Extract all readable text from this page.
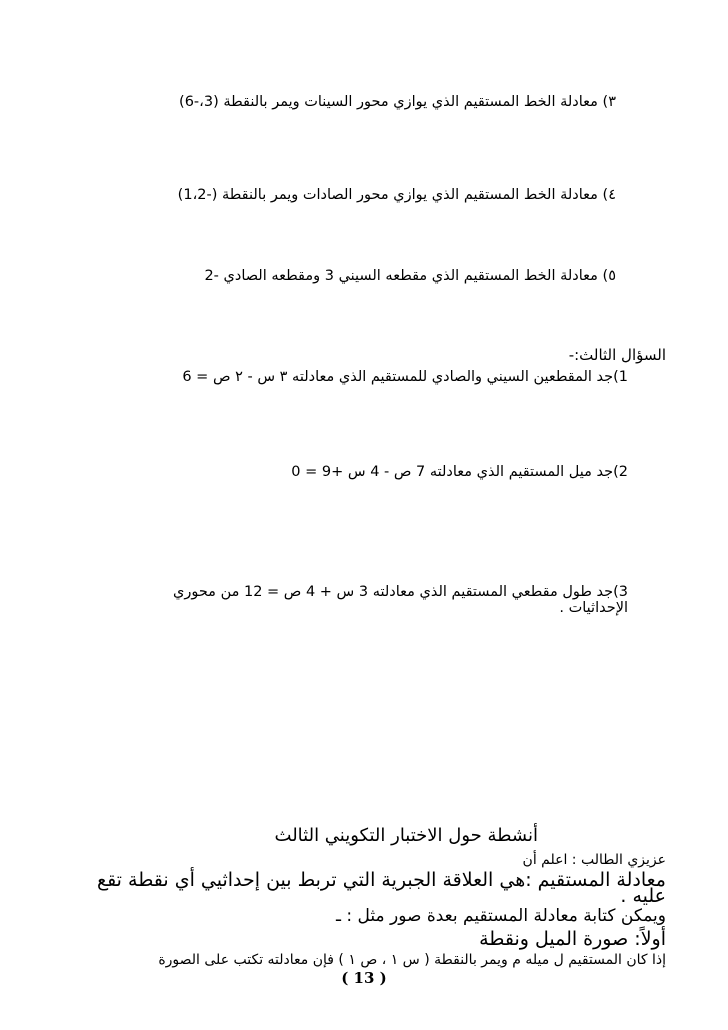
٣) معادلة الخط المستقيم الذي يوازي محور السينات ويمر بالنقطة (3،-6)
٤) معادلة الخط المستقيم الذي يوازي محور الصادات ويمر بالنقطة (-1،2)
٥) معادلة الخط المستقيم الذي مقطعه السيني 3 ومقطعه الصادي -2
السؤال الثالث:-
1)جد المقطعين السيني والصادي للمستقيم الذي معادلته ٣ س - ٢ ص = 6
2)جد ميل المستقيم الذي معادلته 7 ص - 4 س +9 = 0
3)جد طول مقطعي المستقيم الذي معادلته 3 س + 4 ص = 12 من محوري الإحداثيات .
أنشطة حول الاختبار التكويني الثالث
عزيزي الطالب : اعلم أن
معادلة المستقيم :هي العلاقة الجبرية التي تربط بين إحداثيي أي نقطة تقع عليه .
ويمكن كتابة معادلة المستقيم بعدة صور مثل : ـ
أولاً: صورة الميل ونقطة
إذا كان المستقيم ل ميله م ويمر بالنقطة ( س ١ ، ص ١ ) فإن معادلته تكتب على الصورة
( 13 )
